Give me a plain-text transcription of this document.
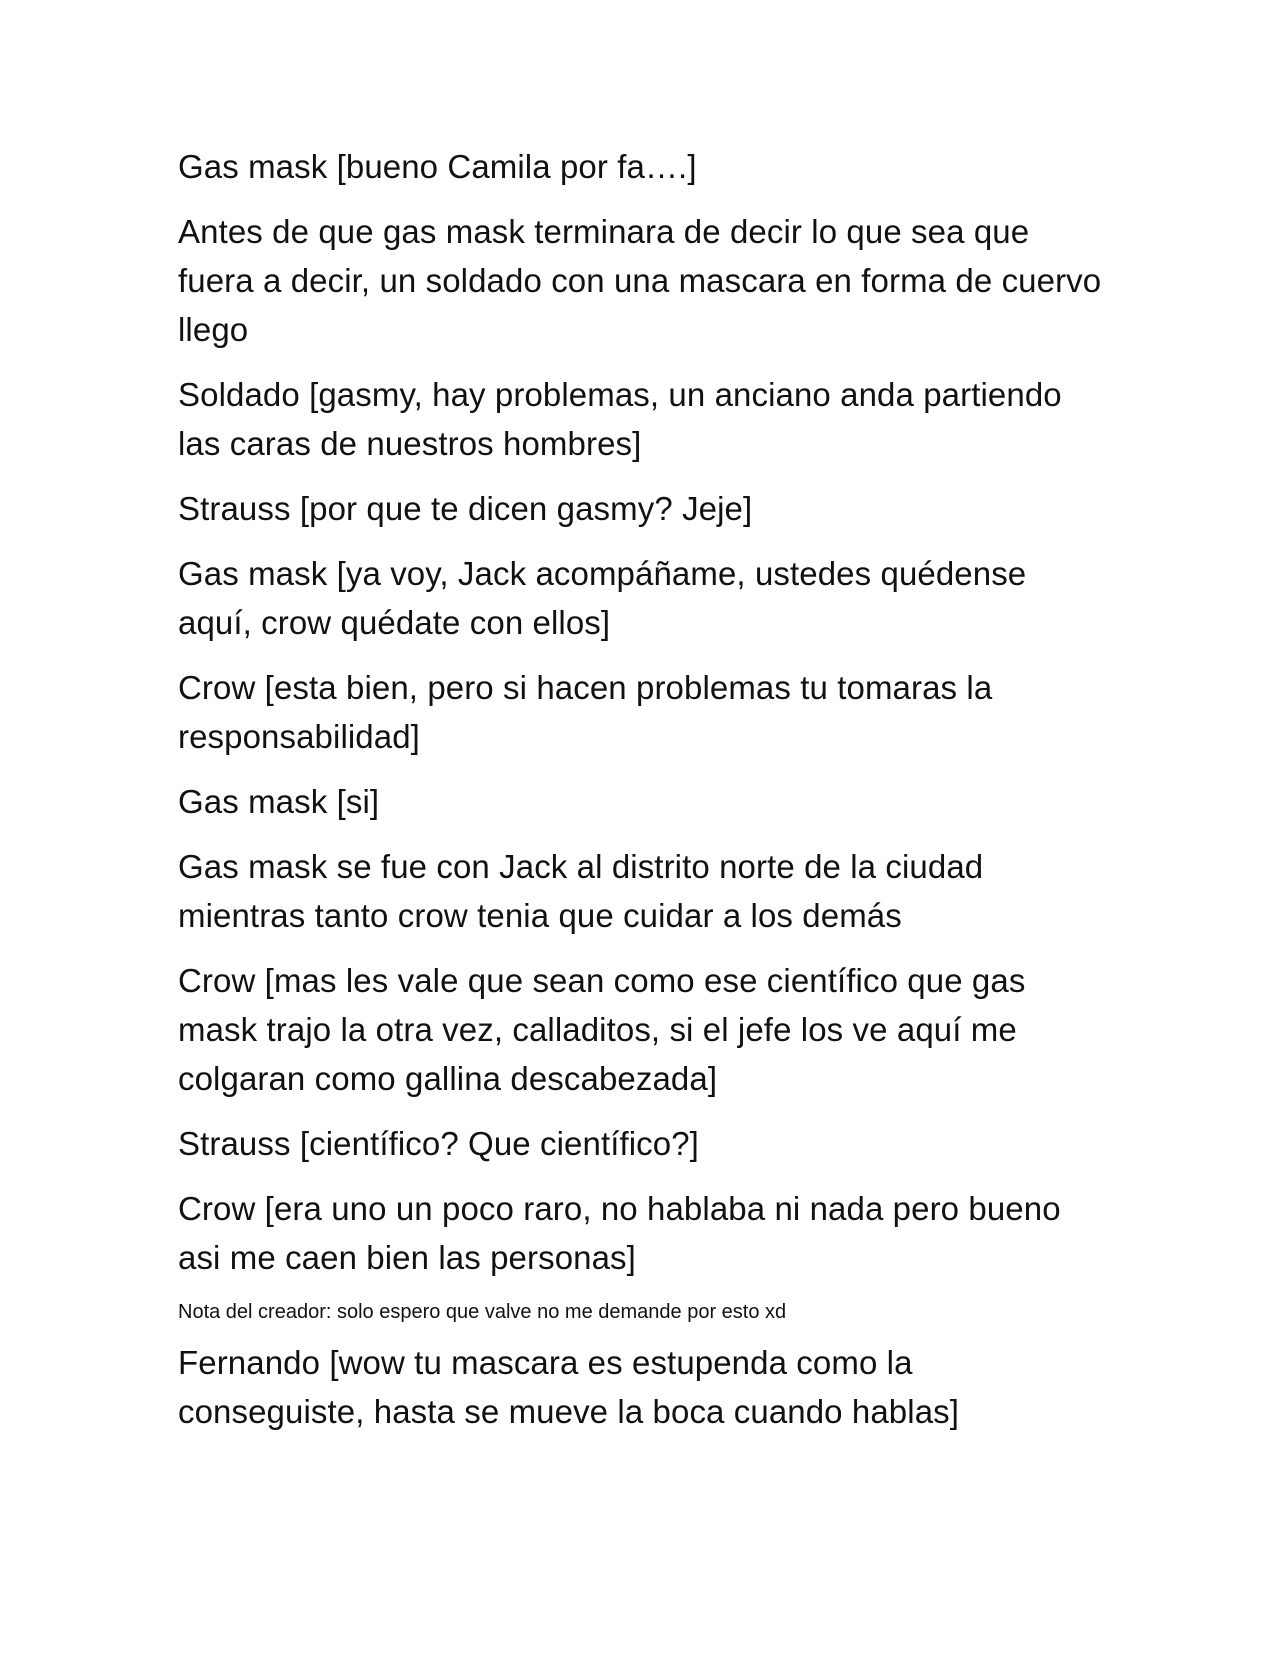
Gas mask [bueno Camila por fa….]

Antes de que gas mask terminara de decir lo que sea que fuera a decir, un soldado con una mascara en forma de cuervo llego

Soldado [gasmy, hay problemas, un anciano anda partiendo las caras de nuestros hombres]

Strauss [por que te dicen gasmy? Jeje]

Gas mask [ya voy, Jack acompáñame, ustedes quédense aquí, crow quédate con ellos]

Crow [esta bien, pero si hacen problemas tu tomaras la responsabilidad]

Gas mask [si]

Gas mask se fue con Jack al distrito norte de la ciudad mientras tanto crow tenia que cuidar a los demás

Crow [mas les vale que sean como ese científico que gas mask trajo la otra vez, calladitos, si el jefe los ve aquí me colgaran como gallina descabezada]

Strauss [científico? Que científico?]

Crow [era uno un poco raro, no hablaba ni nada pero bueno asi me caen bien las personas]

Nota del creador: solo espero que valve no me demande por esto xd

Fernando [wow tu mascara es estupenda como la conseguiste, hasta se mueve la boca cuando hablas]
